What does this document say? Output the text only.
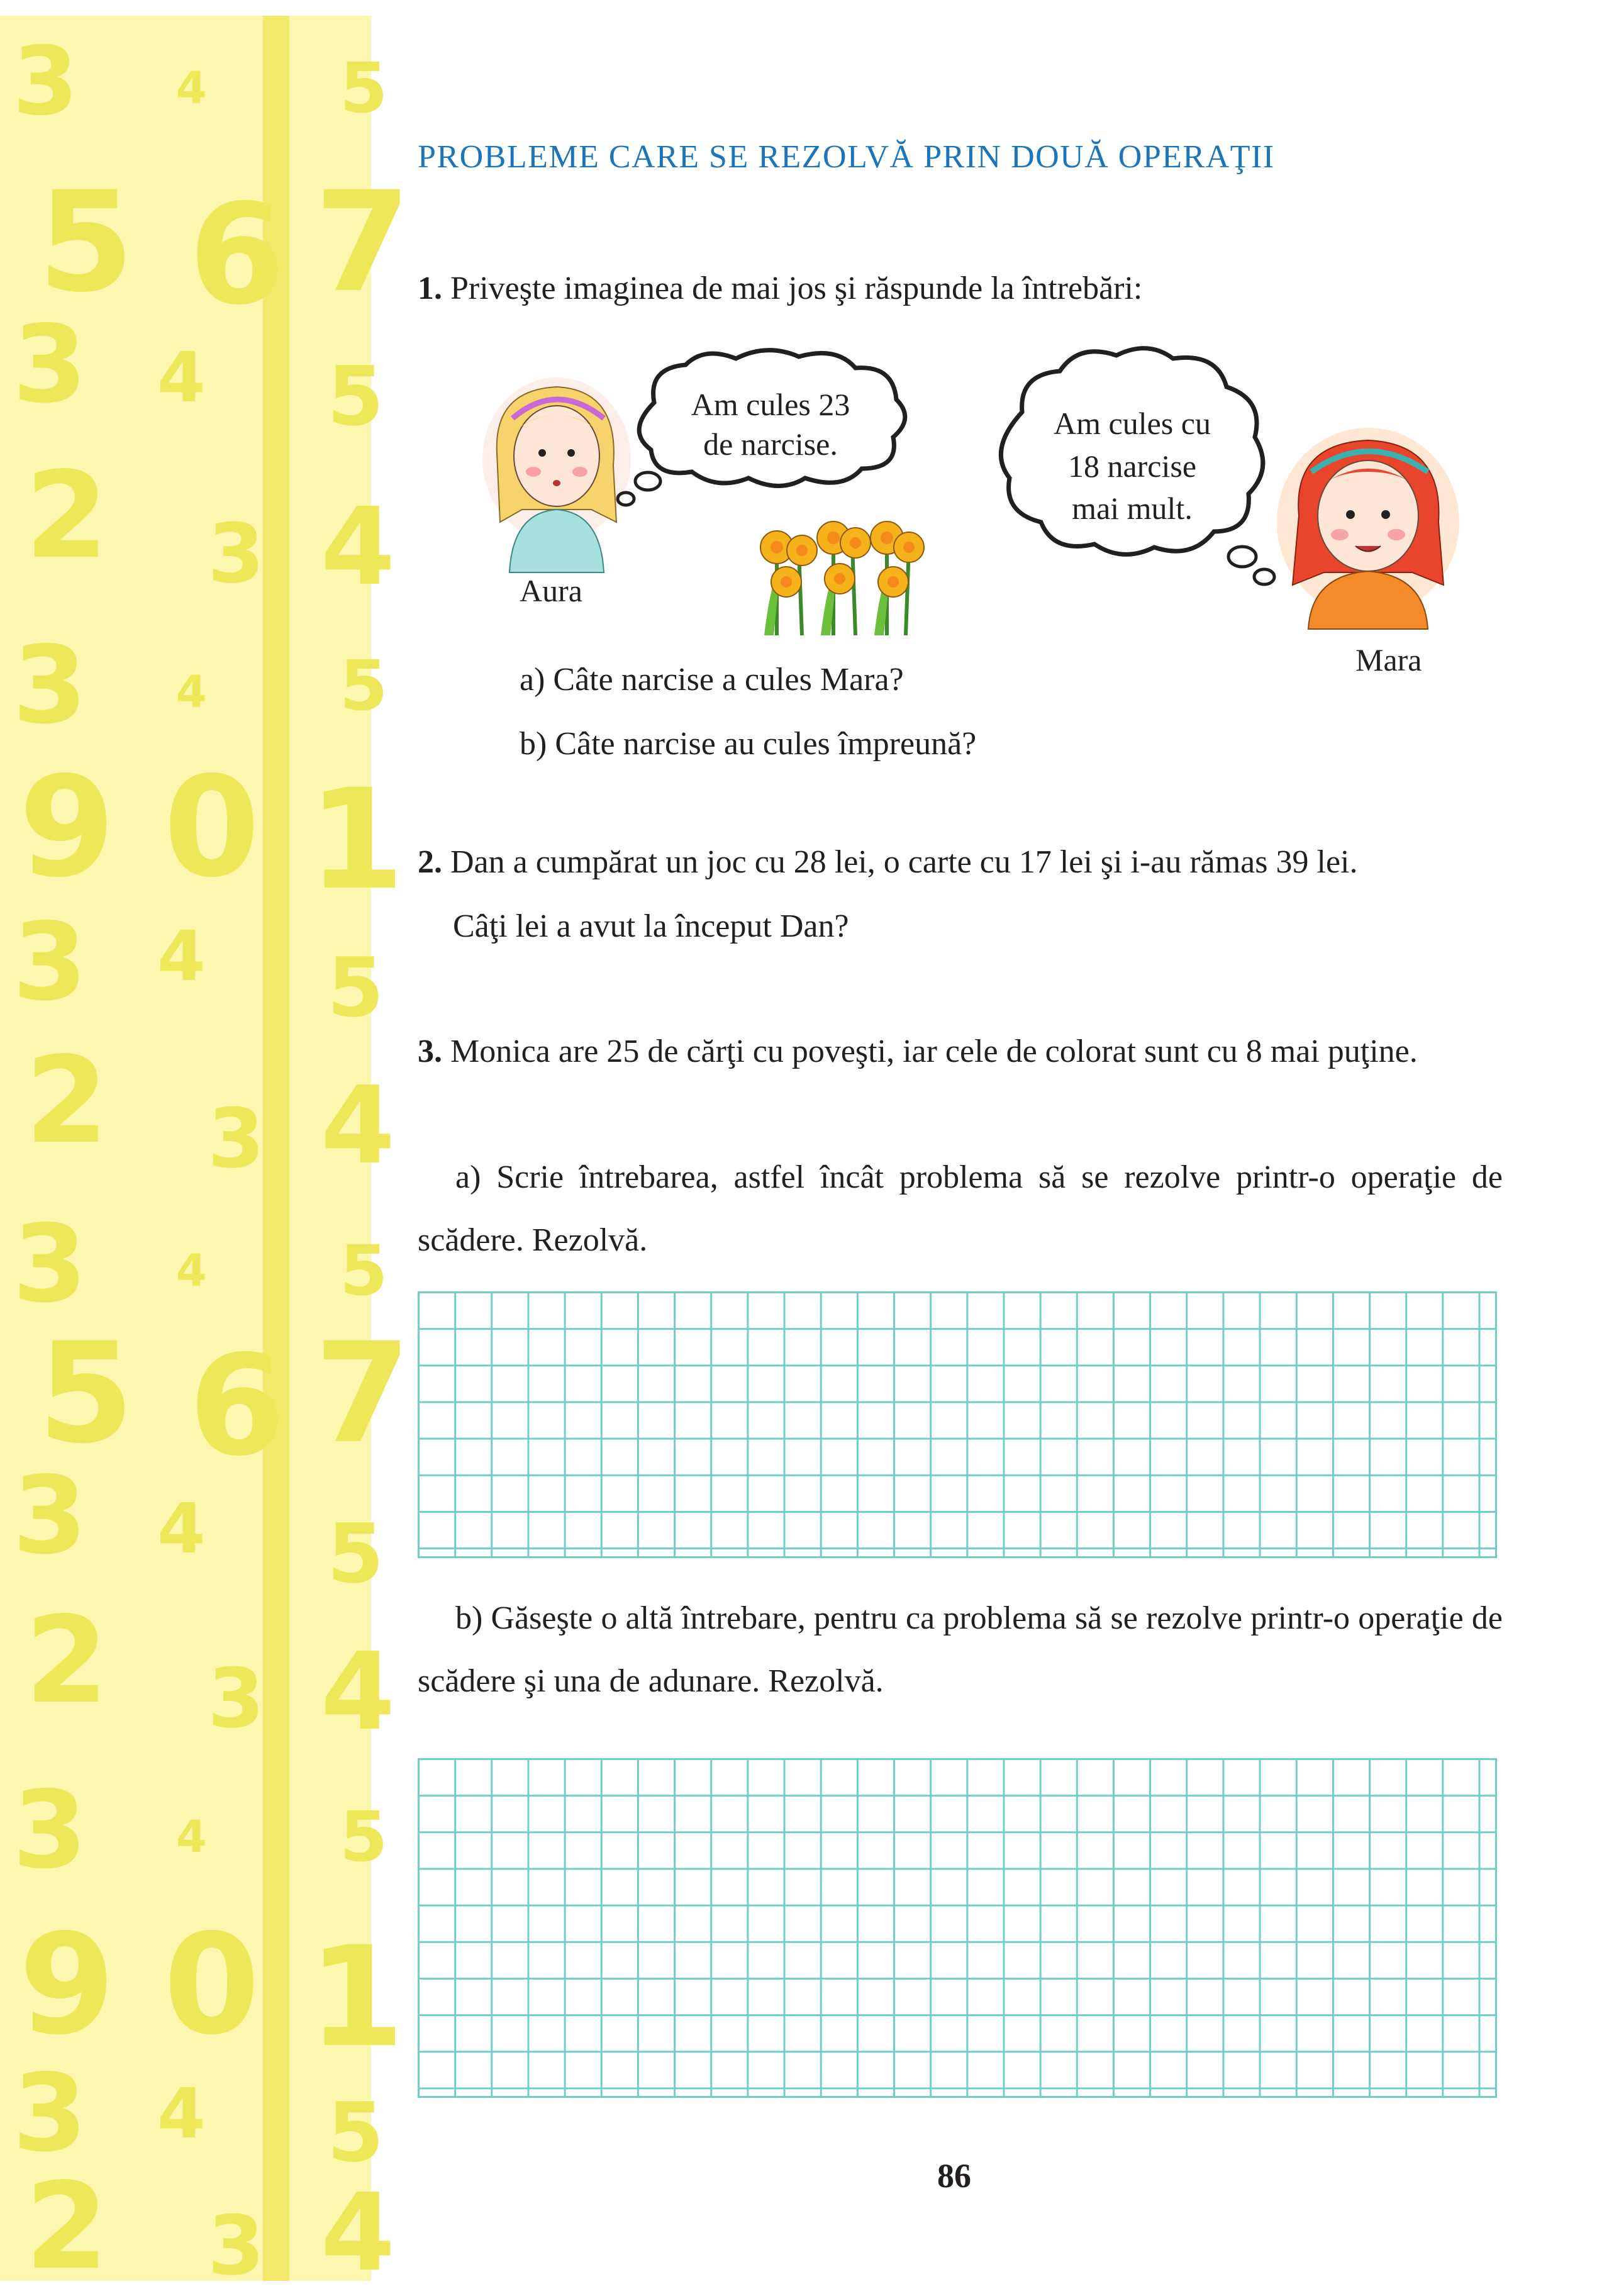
3 4 5
5 6 7
3 4 5
2 3 4
3 4 5
9 0 1
3 4 5
2 3 4
3 4 5
5 6 7
3 4 5
2 3 4
3 4 5
9 0 1
3 4 5
2 3 4
PROBLEME CARE SE REZOLVĂ PRIN DOUĂ OPERAŢII
1. Priveşte imaginea de mai jos şi răspunde la întrebări:
Aura
Am cules 23
de narcise.
Am cules cu
18 narcise
mai mult.
Mara
a) Câte narcise a cules Mara?
b) Câte narcise au cules împreună?
2. Dan a cumpărat un joc cu 28 lei, o carte cu 17 lei şi i-au rămas 39 lei.
Câţi lei a avut la început Dan?
3. Monica are 25 de cărţi cu poveşti, iar cele de colorat sunt cu 8 mai puţine.
a) Scrie întrebarea, astfel încât problema să se rezolve printr-o operaţie de scădere. Rezolvă.
b) Găseşte o altă întrebare, pentru ca problema să se rezolve printr-o operaţie de scădere şi una de adunare. Rezolvă.
86
